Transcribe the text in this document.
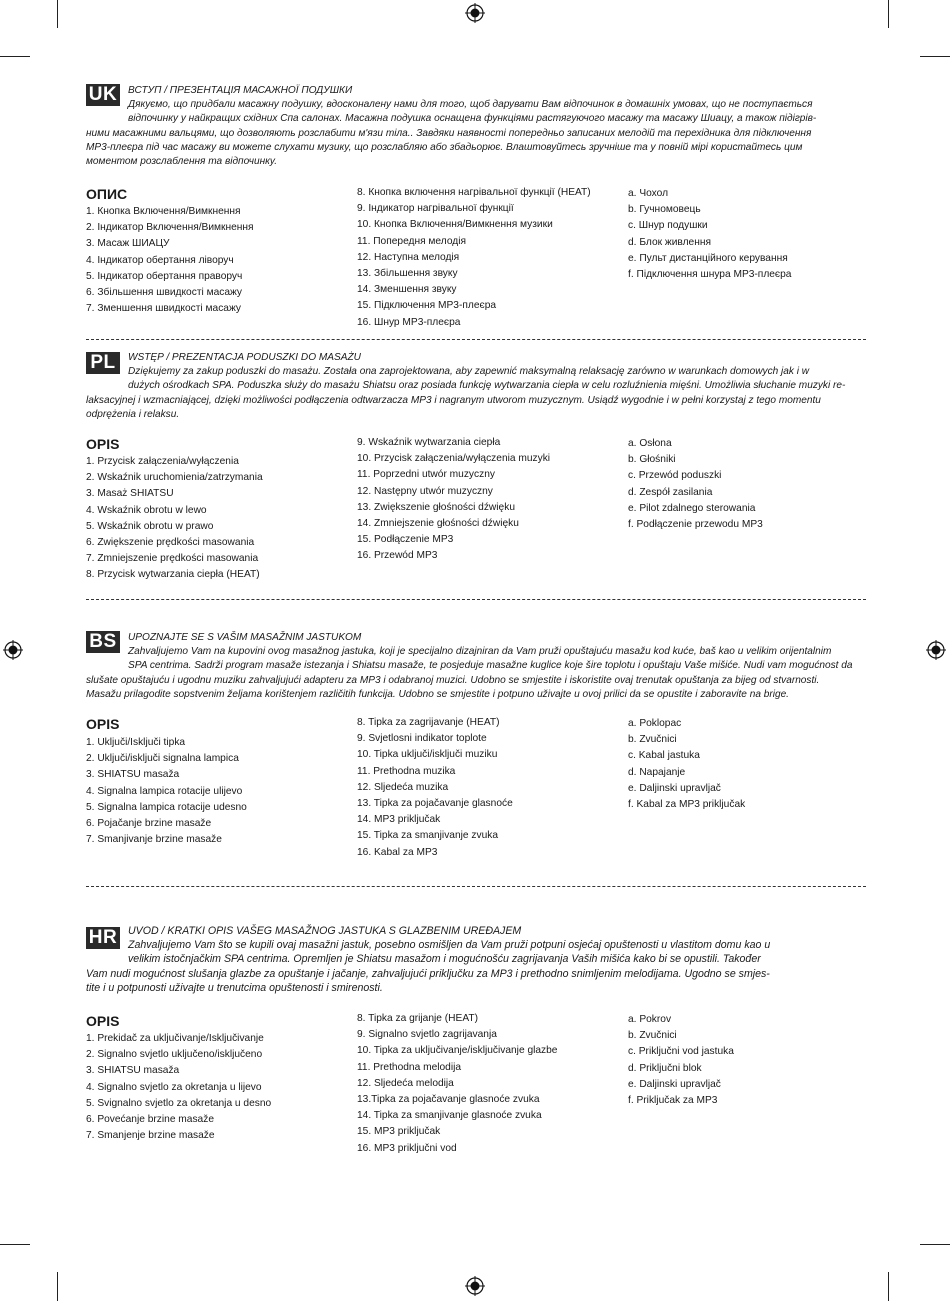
UK	ВСТУП / ПРЕЗЕНТАЦІЯ МАСАЖНОЇ ПОДУШКИ
Дякуємо, що придбали масажну подушку, вдосконалену нами для того, щоб дарувати Вам відпочинок в домашніх умовах, що не поступається
відпочинку у найкращих східних Спа салонах. Масажна подушка оснащена функціями растягуючого масажу та масажу Шиацу, а також підігрів-
ними масажними вальцями, що дозволяють розслабити м'язи тіла.. Завдяки наявності попередньо записаних мелодій та перехідника для підключення
MP3-плеєра під час масажу ви можете слухати музику, що розслабляю або збадьорює. Влаштовуйтесь зручніше та у повній мірі користайтесь цим
моментом розслаблення та відпочинку.
ОПИС
1. Кнопка Включення/Вимкнення
2. Індикатор Включення/Вимкнення
3. Масаж ШИАЦУ
4. Індикатор обертання ліворуч
5. Індикатор обертання праворуч
6. Збільшення швидкості масажу
7. Зменшення швидкості масажу
8. Кнопка включення нагрівальної функції (HEAT)
9. Індикатор нагрівальної функції
10. Кнопка Включення/Вимкнення музики
11. Попередня мелодія
12. Наступна мелодія
13. Збільшення звуку
14. Зменшення звуку
15. Підключення MP3-плеєра
16. Шнур MP3-плеєра
a. Чохол
b. Гучномовець
c. Шнур подушки
d. Блок живлення
e. Пульт дистанційного керування
f. Підключення шнура MP3-плеєра
PL	WSTĘP / PREZENTACJA PODUSZKI DO MASAŻU
Dziękujemy za zakup poduszki do masażu. Została ona zaprojektowana, aby zapewnić maksymalną relaksację zarówno w warunkach domowych jak i w
dużych ośrodkach SPA. Poduszka służy do masażu Shiatsu oraz posiada funkcję wytwarzania ciepła w celu rozluźnienia mięśni. Umożliwia słuchanie muzyki re-
laksacyjnej i wzmacniającej, dzięki możliwości podłączenia odtwarzacza MP3 i nagranym utworom muzycznym. Usiądź wygodnie i w pełni korzystaj z tego momentu
odprężenia i relaksu.
OPIS
1. Przycisk załączenia/wyłączenia
2. Wskaźnik uruchomienia/zatrzymania
3. Masaż SHIATSU
4. Wskaźnik obrotu w lewo
5. Wskaźnik obrotu w prawo
6. Zwiększenie prędkości masowania
7. Zmniejszenie prędkości masowania
8. Przycisk wytwarzania ciepła (HEAT)
9. Wskaźnik wytwarzania ciepła
10. Przycisk załączenia/wyłączenia muzyki
11. Poprzedni utwór muzyczny
12. Następny utwór muzyczny
13. Zwiększenie głośności dźwięku
14. Zmniejszenie głośności dźwięku
15. Podłączenie MP3
16. Przewód MP3
a. Osłona
b. Głośniki
c. Przewód poduszki
d. Zespół zasilania
e. Pilot zdalnego sterowania
f. Podłączenie przewodu MP3
BS	UPOZNAJTE SE S VAŠIM MASAŽNIM JASTUKOM
Zahvaljujemo Vam na kupovini ovog masažnog jastuka, koji je specijalno dizajniran da Vam pruži opuštajuću masažu kod kuće, baš kao u velikim orijentalnim
SPA centrima. Sadrži program masaže istezanja i Shiatsu masaže, te posjeduje masažne kuglice koje šire toplotu i opuštaju Vaše mišiće. Nudi vam mogućnost da
slušate opuštajuću i ugodnu muziku zahvaljujući adapteru za MP3 i odabranoj muzici. Udobno se smjestite i iskoristite ovaj trenutak opuštanja za bijeg od stvarnosti.
Masažu prilagodite sopstvenim željama korištenjem različitih funkcija. Udobno se smjestite i potpuno uživajte u ovoj prilici da se opustite i zaboravite na brige.
OPIS
1. Uključi/Isključi tipka
2. Uključi/isključi signalna lampica
3. SHIATSU masaža
4. Signalna lampica rotacije ulijevo
5. Signalna lampica rotacije udesno
6. Pojačanje brzine masaže
7. Smanjivanje brzine masaže
8. Tipka za zagrijavanje (HEAT)
9. Svjetlosni indikator toplote
10. Tipka uključi/isključi muziku
11. Prethodna muzika
12. Sljedeća muzika
13. Tipka za pojačavanje glasnoće
14. MP3 priključak
15. Tipka za smanjivanje zvuka
16. Kabal za MP3
a. Poklopac
b. Zvučnici
c. Kabal jastuka
d. Napajanje
e. Daljinski upravljač
f. Kabal za MP3 priključak
HR	UVOD / KRATKI OPIS VAŠEG MASAŽNOG JASTUKA S GLAZBENIM UREĐAJEM
Zahvaljujemo Vam što se kupili ovaj masažni jastuk, posebno osmišljen da Vam pruži potpuni osjećaj opuštenosti u vlastitom domu kao u
velikim istočnjačkim SPA centrima. Opremljen je Shiatsu masažom i mogućnošću zagrijavanja Vaših mišića kako bi se opustili. Također
Vam nudi mogućnost slušanja glazbe za opuštanje i jačanje, zahvaljujući priključku za MP3 i prethodno snimljenim melodijama. Ugodno se smjes-
tite i u potpunosti uživajte u trenutcima opuštenosti i smirenosti.
OPIS
1. Prekidač za uključivanje/Isključivanje
2. Signalno svjetlo uključeno/isključeno
3. SHIATSU masaža
4. Signalno svjetlo za okretanja u lijevo
5. Svignalno svjetlo za okretanja u desno
6. Povećanje brzine masaže
7. Smanjenje brzine masaže
8. Tipka za grijanje (HEAT)
9. Signalno svjetlo zagrijavanja
10. Tipka za uključivanje/isključivanje glazbe
11. Prethodna melodija
12. Sljedeća melodija
13.Tipka za pojačavanje glasnoće zvuka
14. Tipka za smanjivanje glasnoće zvuka
15. MP3 priključak
16. MP3 priključni vod
a. Pokrov
b. Zvučnici
c. Priključni vod jastuka
d. Priključni blok
e. Daljinski upravljač
f. Priključak za MP3
